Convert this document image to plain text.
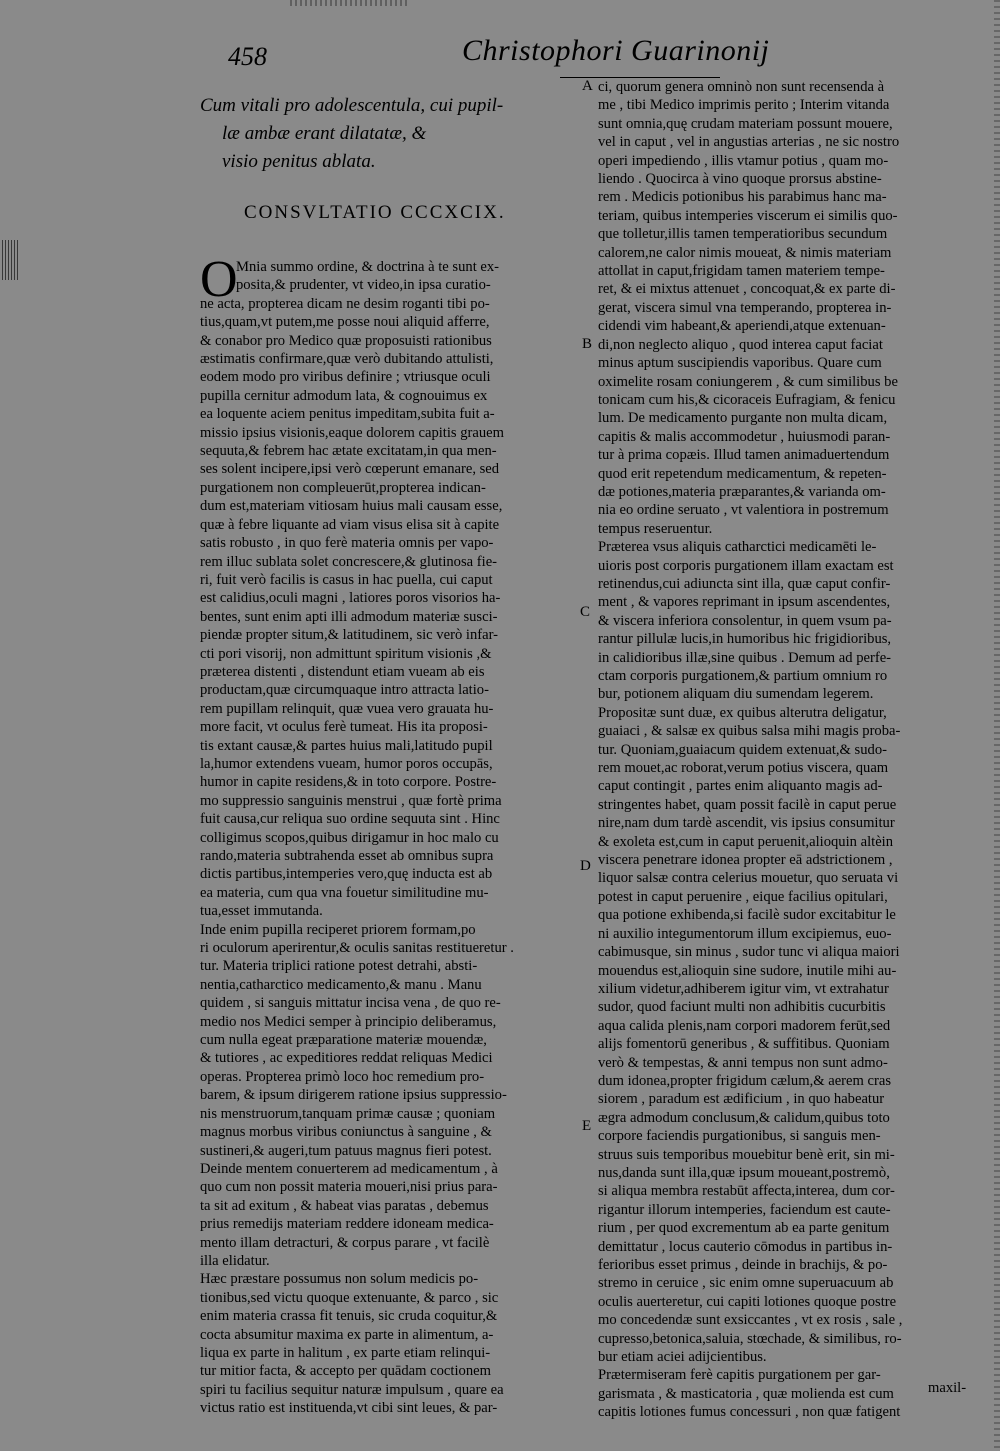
458	Christophori Guarinonij
Cum vitali pro adolescentula, cui pupil-
læ ambæ erant dilatatæ, &
visio penitus ablata.
CONSVLTATIO CCCXCIX.
O
Mnia summo ordine, & doctrina à te sunt ex-
posita,& prudenter, vt video,in ipsa curatio-
ne acta, propterea dicam ne desim roganti tibi po-
tius,quam,vt putem,me posse noui aliquid afferre,
& conabor pro Medico quæ proposuisti rationibus
æstimatis confirmare,quæ verò dubitando attulisti,
eodem modo pro viribus definire ; vtriusque oculi
pupilla cernitur admodum lata, & cognouimus ex
ea loquente aciem penitus impeditam,subita fuit a-
missio ipsius visionis,eaque dolorem capitis grauem
sequuta,& febrem hac ætate excitatam,in qua men-
ses solent incipere,ipsi verò cœperunt emanare, sed
purgationem non compleuerūt,propterea indican-
dum est,materiam vitiosam huius mali causam esse,
quæ à febre liquante ad viam visus elisa sit à capite
satis robusto , in quo ferè materia omnis per vapo-
rem illuc sublata solet concrescere,& glutinosa fie-
ri, fuit verò facilis is casus in hac puella, cui caput
est calidius,oculi magni , latiores poros visorios ha-
bentes, sunt enim apti illi admodum materiæ susci-
piendæ propter situm,& latitudinem, sic verò infar-
cti pori visorij, non admittunt spiritum visionis ,&
præterea distenti , distendunt etiam vueam ab eis
productam,quæ circumquaque intro attracta latio-
rem pupillam relinquit, quæ vuea vero grauata hu-
more facit, vt oculus ferè tumeat. His ita proposi-
tis extant causæ,& partes huius mali,latitudo pupil
la,humor extendens vueam, humor poros occupās,
humor in capite residens,& in toto corpore. Postre-
mo suppressio sanguinis menstrui , quæ fortè prima
fuit causa,cur reliqua suo ordine sequuta sint . Hinc
colligimus scopos,quibus dirigamur in hoc malo cu
rando,materia subtrahenda esset ab omnibus supra
dictis partibus,intemperies vero,quę inducta est ab
ea materia, cum qua vna fouetur similitudine mu-
tua,esset immutanda.
Inde enim pupilla reciperet priorem formam,po
ri oculorum aperirentur,& oculis sanitas restitueretur .
tur. Materia triplici ratione potest detrahi, absti-
nentia,catharctico medicamento,& manu . Manu
quidem , si sanguis mittatur incisa vena , de quo re-
medio nos Medici semper à principio deliberamus,
cum nulla egeat præparatione materiæ mouendæ,
& tutiores , ac expeditiores reddat reliquas Medici
operas. Propterea primò loco hoc remedium pro-
barem, & ipsum dirigerem ratione ipsius suppressio-
nis menstruorum,tanquam primæ causæ ; quoniam
magnus morbus viribus coniunctus à sanguine , &
sustineri,& augeri,tum patuus magnus fieri potest.
Deinde mentem conuerterem ad medicamentum , à
quo cum non possit materia moueri,nisi prius para-
ta sit ad exitum , & habeat vias paratas , debemus
prius remedijs materiam reddere idoneam medica-
mento illam detracturi, & corpus parare , vt facilè
illa elidatur.
Hæc præstare possumus non solum medicis po-
tionibus,sed victu quoque extenuante, & parco , sic
enim materia crassa fit tenuis, sic cruda coquitur,&
cocta absumitur maxima ex parte in alimentum, a-
liqua ex parte in halitum , ex parte etiam relinqui-
tur mitior facta, & accepto per quādam coctionem
spiri tu facilius sequitur naturæ impulsum , quare ea
victus ratio est instituenda,vt cibi sint leues, & par-
ci, quorum genera omninò non sunt recensenda à
me , tibi Medico imprimis perito ; Interim vitanda
sunt omnia,quę crudam materiam possunt mouere,
vel in caput , vel in angustias arterias , ne sic nostro
operi impediendo , illis vtamur potius , quam mo-
liendo . Quocirca à vino quoque prorsus abstine-
rem . Medicis potionibus his parabimus hanc ma-
teriam, quibus intemperies viscerum ei similis quo-
que tolletur,illis tamen temperatioribus secundum
calorem,ne calor nimis moueat, & nimis materiam
attollat in caput,frigidam tamen materiem tempe-
ret, & ei mixtus attenuet , concoquat,& ex parte di-
gerat, viscera simul vna temperando, propterea in-
cidendi vim habeant,& aperiendi,atque extenuan-
di,non neglecto aliquo , quod interea caput faciat
minus aptum suscipiendis vaporibus. Quare cum
oximelite rosam coniungerem , & cum similibus be
tonicam cum his,& cicoraceis Eufragiam, & fenicu
lum. De medicamento purgante non multa dicam,
capitis & malis accommodetur , huiusmodi paran-
tur à prima copæis. Illud tamen animaduertendum
quod erit repetendum medicamentum, & repeten-
dæ potiones,materia præparantes,& varianda om-
nia eo ordine seruato , vt valentiora in postremum
tempus reseruentur.
Præterea vsus aliquis catharctici medicamēti le-
uioris post corporis purgationem illam exactam est
retinendus,cui adiuncta sint illa, quæ caput confir-
ment , & vapores reprimant in ipsum ascendentes,
& viscera inferiora consolentur, in quem vsum pa-
rantur pillulæ lucis,in humoribus hic frigidioribus,
in calidioribus illæ,sine quibus . Demum ad perfe-
ctam corporis purgationem,& partium omnium ro
bur, potionem aliquam diu sumendam legerem.
Propositæ sunt duæ, ex quibus alterutra deligatur,
guaiaci , & salsæ ex quibus salsa mihi magis proba-
tur. Quoniam,guaiacum quidem extenuat,& sudo-
rem mouet,ac roborat,verum potius viscera, quam
caput contingit , partes enim aliquanto magis ad-
stringentes habet, quam possit facilè in caput perue
nire,nam dum tardè ascendit, vis ipsius consumitur
& exoleta est,cum in caput peruenit,alioquin altèin
viscera penetrare idonea propter eā adstrictionem ,
liquor salsæ contra celerius mouetur, quo seruata vi
potest in caput peruenire , eique facilius opitulari,
qua potione exhibenda,si facilè sudor excitabitur le
ni auxilio integumentorum illum excipiemus, euo-
cabimusque, sin minus , sudor tunc vi aliqua maiori
mouendus est,alioquin sine sudore, inutile mihi au-
xilium videtur,adhiberem igitur vim, vt extrahatur
sudor, quod faciunt multi non adhibitis cucurbitis
aqua calida plenis,nam corpori madorem ferūt,sed
alijs fomentorū generibus , & suffitibus. Quoniam
verò & tempestas, & anni tempus non sunt admo-
dum idonea,propter frigidum cælum,& aerem cras
siorem , paradum est ædificium , in quo habeatur
ægra admodum conclusum,& calidum,quibus toto
corpore faciendis purgationibus, si sanguis men-
struus suis temporibus mouebitur benè erit, sin mi-
nus,danda sunt illa,quæ ipsum moueant,postremò,
si aliqua membra restabūt affecta,interea, dum cor-
rigantur illorum intemperies, faciendum est caute-
rium , per quod excrementum ab ea parte genitum
demittatur , locus cauterio cōmodus in partibus in-
ferioribus esset primus , deinde in brachijs, & po-
stremo in ceruice , sic enim omne superuacuum ab
oculis auerteretur, cui capiti lotiones quoque postre
mo concedendæ sunt exsiccantes , vt ex rosis , sale ,
cupresso,betonica,saluia, stœchade, & similibus, ro-
bur etiam aciei adijcientibus.
Prætermiseram ferè capitis purgationem per gar-
garismata , & masticatoria , quæ molienda est cum
capitis lotiones fumus concessuri , non quæ fatigent
A
B
C
D
E
maxil-
